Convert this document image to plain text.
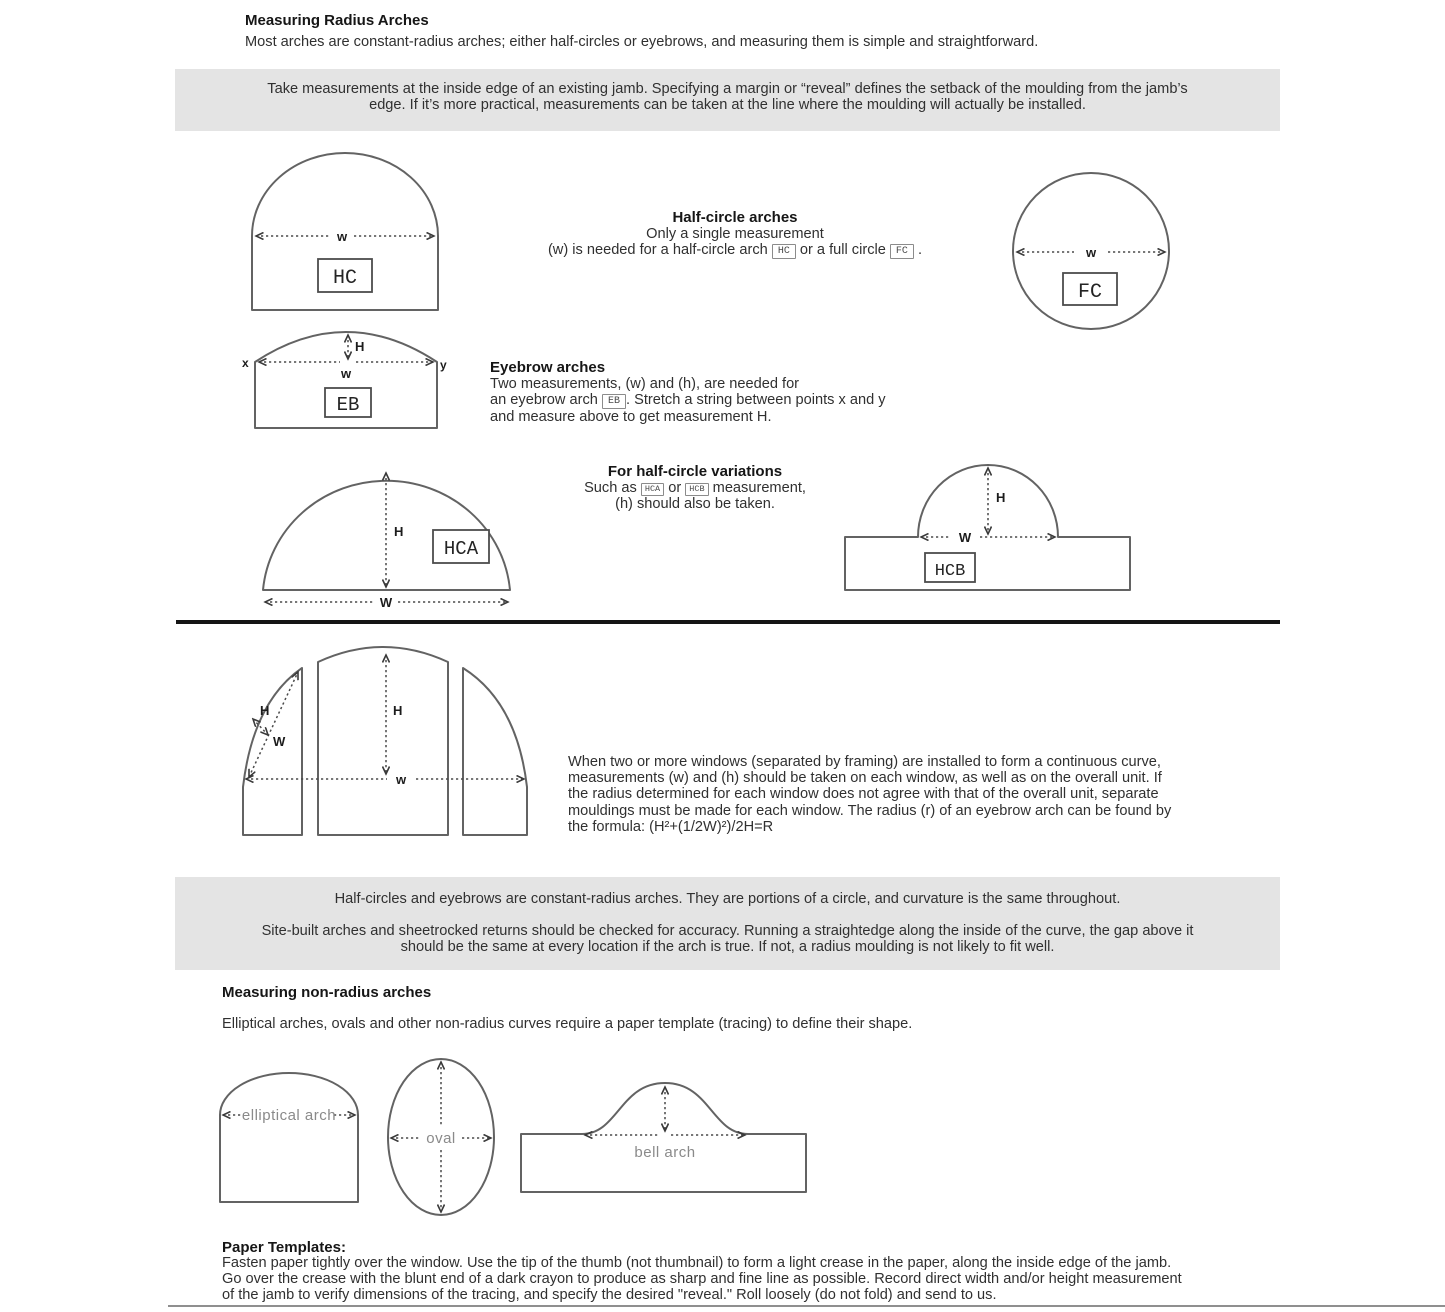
Measuring Radius Arches
Most arches are constant-radius arches; either half-circles or eyebrows, and measuring them is simple and straightforward.
Take measurements at the inside edge of an existing jamb. Specifying a margin or “reveal” defines the setback of the moulding from the jamb’s
edge. If it’s more practical, measurements can be taken at the line where the moulding will actually be installed.
w
HC
Half-circle arches
Only a single measurement
(w) is needed for a half-circle arch HC or a full circle FC .	w
FC
H
w
x	y
EB
Eyebrow arches
Two measurements, (w) and (h), are needed for
an eyebrow arch EB . Stretch a string between points x and y
and measure above to get measurement H.
For half-circle variations
Such as HCA or HCB measurement,
(h) should also be taken.
H
W
HCA
H
W
HCB
H
w
W
H
When two or more windows (separated by framing) are installed to form a continuous curve,
measurements (w) and (h) should be taken on each window, as well as on the overall unit. If
the radius determined for each window does not agree with that of the overall unit, separate
mouldings must be made for each window. The radius (r) of an eyebrow arch can be found by
the formula: (H²+(1/2W)²)/2H=R
Half-circles and eyebrows are constant-radius arches. They are portions of a circle, and curvature is the same throughout.
Site-built arches and sheetrocked returns should be checked for accuracy. Running a straightedge along the inside of the curve, the gap above it
should be the same at every location if the arch is true. If not, a radius moulding is not likely to fit well.
Measuring non-radius arches
Elliptical arches, ovals and other non-radius curves require a paper template (tracing) to define their shape.
elliptical arch
oval
bell arch
Paper Templates:
Fasten paper tightly over the window. Use the tip of the thumb (not thumbnail) to form a light crease in the paper, along the inside edge of the jamb.
Go over the crease with the blunt end of a dark crayon to produce as sharp and fine line as possible. Record direct width and/or height measurement
of the jamb to verify dimensions of the tracing, and specify the desired "reveal." Roll loosely (do not fold) and send to us.
